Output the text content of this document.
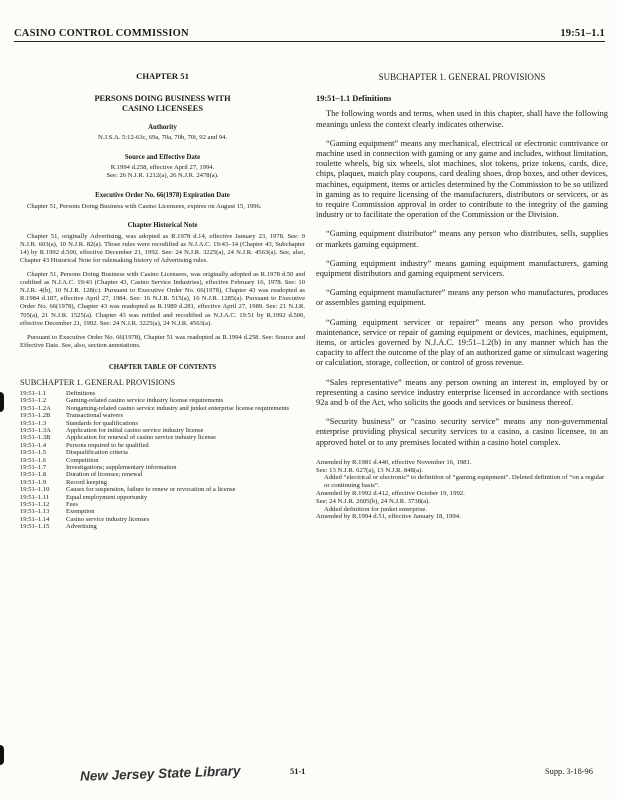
CASINO CONTROL COMMISSION	19:51–1.1
CHAPTER 51
PERSONS DOING BUSINESS WITH
CASINO LICENSEES
Authority

N.J.S.A. 5:12-63c, 69a, 70a, 70b, 70i, 92 and 94.

Source and Effective Date

R.1994 d.258, effective April 27, 1994.

See: 26 N.J.R. 1212(a), 26 N.J.R. 2478(a).

Executive Order No. 66(1978) Expiration Date

Chapter 51, Persons Doing Business with Casino Licensees, expires on August 15, 1996.

Chapter Historical Note

Chapter 51, originally Advertising, was adopted as R.1978 d.14, effective January 23, 1978. See: 9 N.J.R. 603(a), 10 N.J.R. 82(a). Those rules were recodified as N.J.A.C. 19:43–14 (Chapter 43, Subchapter 14) by R.1992 d.500, effective December 21, 1992. See: 24 N.J.R. 3225(a), 24 N.J.R. 4563(a). See, also, Chapter 43 Historical Note for rulemaking history of Advertising rules.

Chapter 51, Persons Doing Business with Casino Licensees, was originally adopted as R.1978 d.50 and codified as N.J.A.C. 19:43 (Chapter 43, Casino Service Industries), effective February 16, 1978. See: 10 N.J.R. 4(b), 10 N.J.R. 128(c). Pursuant to Executive Order No. 66(1978), Chapter 43 was readopted as R.1984 d.187, effective April 27, 1984. See: 16 N.J.R. 515(a), 16 N.J.R. 1285(a). Pursuant to Executive Order No. 66(1978), Chapter 43 was readopted as R.1989 d.281, effective April 27, 1989. See: 21 N.J.R. 705(a), 21 N.J.R. 1525(a). Chapter 43 was retitled and recodified as N.J.A.C. 19:51 by R.1992 d.500, effective December 21, 1992. See: 24 N.J.R. 3225(a), 24 N.J.R. 4563(a).

Pursuant to Executive Order No. 66(1978), Chapter 51 was readopted as R.1994 d.258. See: Source and Effective Date. See, also, section annotations.

CHAPTER TABLE OF CONTENTS
SUBCHAPTER 1. GENERAL PROVISIONS
19:51–1.1	Definitions
19:51–1.2	Gaming-related casino service industry license requirements
19:51–1.2A	Nongaming-related casino service industry and junket enterprise license requirements
19:51–1.2B	Transactional waivers
19:51–1.3	Standards for qualifications
19:51–1.3A	Application for initial casino service industry license
19:51–1.3B	Application for renewal of casino service industry license
19:51–1.4	Persons required to be qualified
19:51–1.5	Disqualification criteria
19:51–1.6	Competition
19:51–1.7	Investigations; supplementary information
19:51–1.8	Duration of licenses; renewal
19:51–1.9	Record keeping
19:51–1.10	Causes for suspension, failure to renew or revocation of a license
19:51–1.11	Equal employment opportunity
19:51–1.12	Fees
19:51–1.13	Exemption
19:51–1.14	Casino service industry licenses
19:51–1.15	Advertising
SUBCHAPTER 1. GENERAL PROVISIONS
19:51–1.1 Definitions

The following words and terms, when used in this chapter, shall have the following meanings unless the context clearly indicates otherwise.

“Gaming equipment” means any mechanical, electrical or electronic contrivance or machine used in connection with gaming or any game and includes, without limitation, roulette wheels, big six wheels, slot machines, slot tokens, prize tokens, cards, dice, chips, plaques, match play coupons, card dealing shoes, drop boxes, and other devices, machines, equipment, items or articles determined by the Commission to be so utilized in gaming as to require licensing of the manufacturers, distributors or servicers, or as to require Commission approval in order to contribute to the integrity of the gaming industry or to facilitate the operation of the Commission or the Division.

“Gaming equipment distributor” means any person who distributes, sells, supplies or markets gaming equipment.

“Gaming equipment industry” means gaming equipment manufacturers, gaming equipment distributors and gaming equipment servicers.

“Gaming equipment manufacturer” means any person who manufactures, produces or assembles gaming equipment.

“Gaming equipment servicer or repairer” means any person who provides maintenance, service or repair of gaming equipment or devices, machines, equipment, items, or articles governed by N.J.A.C. 19:51–1.2(b) in any manner which has the capacity to affect the outcome of the play of an authorized game or simulcast wagering or calculation, storage, collection, or control of gross revenue.

“Sales representative” means any person owning an interest in, employed by or representing a casino service industry enterprise licensed in accordance with sections 92a and b of the Act, who solicits the goods and services or business thereof.

“Security business” or “casino security service” means any non-governmental enterprise providing physical security services to a casino, a casino licensee, to an approved hotel or to any premises located within a casino hotel complex.

Amended by R.1981 d.440, effective November 16, 1981.

See: 13 N.J.R. 627(a), 13 N.J.R. 848(a).

Added “electrical or electronic” to definition of “gaming equipment”. Deleted definition of “on a regular or continuing basis”.

Amended by R.1992 d.412, effective October 19, 1992.

See: 24 N.J.R. 2605(b), 24 N.J.R. 3738(a).

Added definition for junket enterprise.

Amended by R.1994 d.51, effective January 18, 1994.

New Jersey State Library	51-1	Supp. 3-18-96
